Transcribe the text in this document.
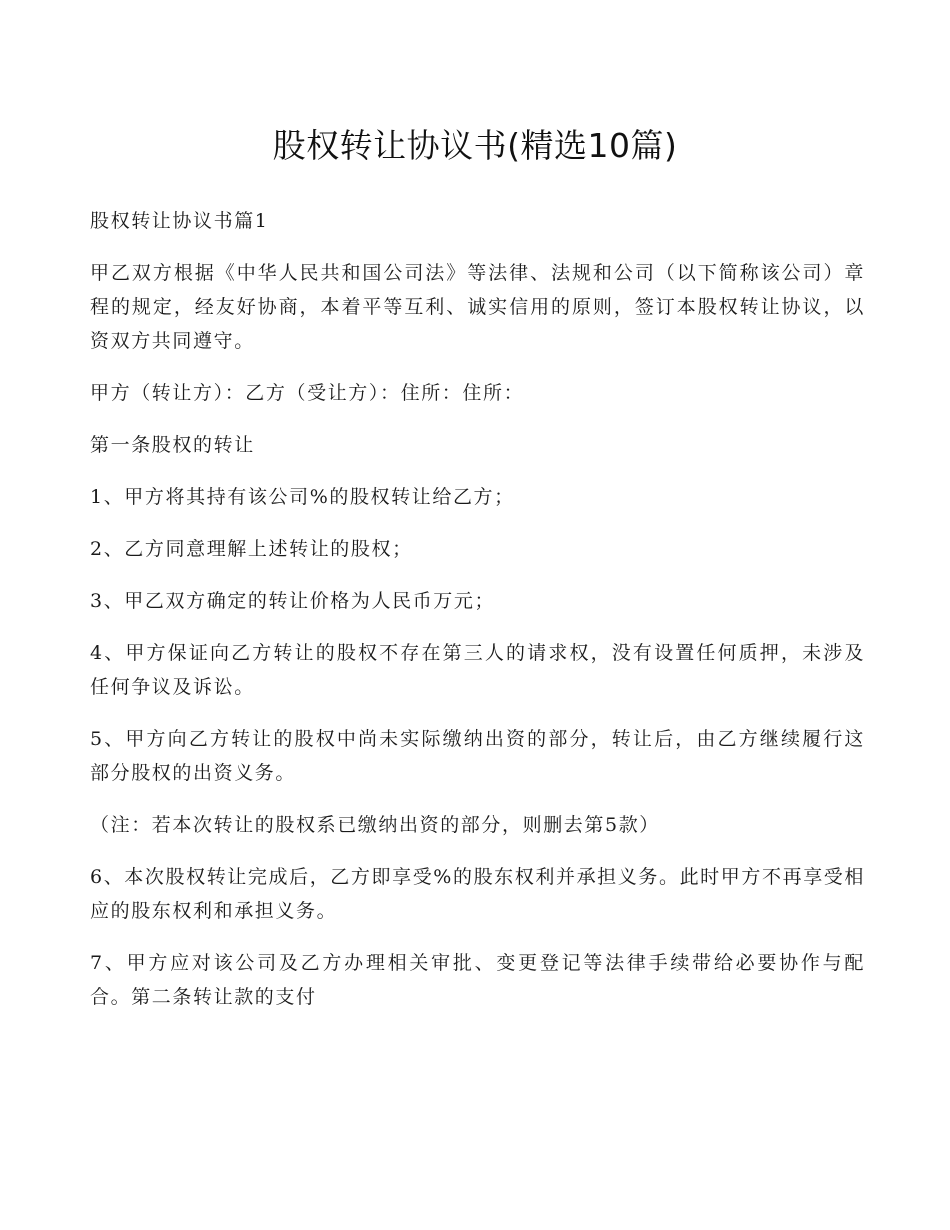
股权转让协议书(精选10篇)

股权转让协议书篇1

甲乙双方根据《中华人民共和国公司法》等法律、法规和公司（以下简称该公司）章程的规定，经友好协商，本着平等互利、诚实信用的原则，签订本股权转让协议，以资双方共同遵守。

甲方（转让方）：乙方（受让方）：住所：住所：

第一条股权的转让

1、甲方将其持有该公司%的股权转让给乙方；

2、乙方同意理解上述转让的股权；

3、甲乙双方确定的转让价格为人民币万元；

4、甲方保证向乙方转让的股权不存在第三人的请求权，没有设置任何质押，未涉及任何争议及诉讼。

5、甲方向乙方转让的股权中尚未实际缴纳出资的部分，转让后，由乙方继续履行这部分股权的出资义务。

（注：若本次转让的股权系已缴纳出资的部分，则删去第5款）

6、本次股权转让完成后，乙方即享受%的股东权利并承担义务。此时甲方不再享受相应的股东权利和承担义务。

7、甲方应对该公司及乙方办理相关审批、变更登记等法律手续带给必要协作与配合。第二条转让款的支付
